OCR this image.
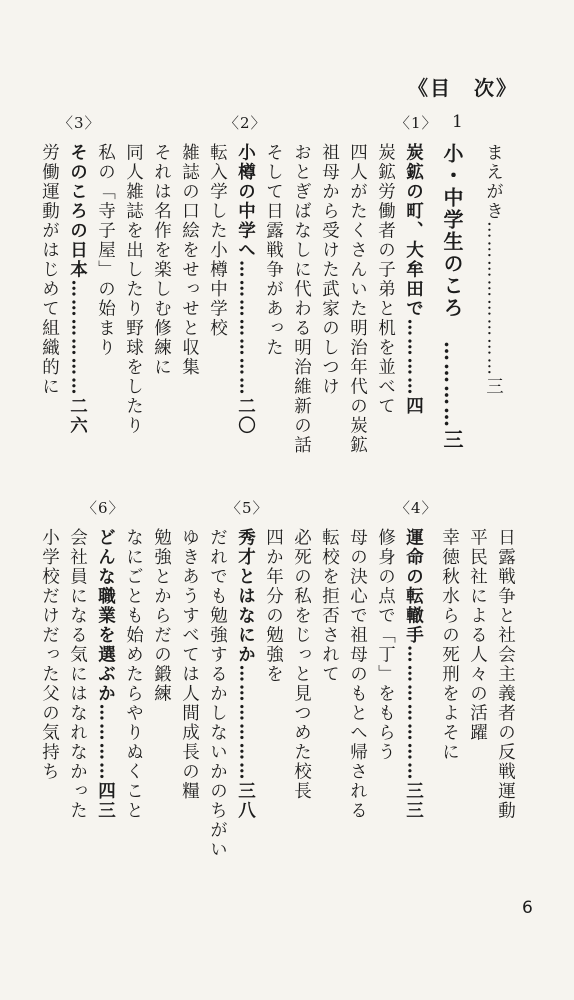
《目　次》
〈1〉 1
〈2〉
〈3〉
〈4〉
〈5〉
〈6〉
まえがき……………………三
小・中学生のころ　…………三
炭鉱の町、大牟田で…………四
炭鉱労働者の子弟と机を並べて
四人がたくさんいた明治年代の炭鉱
祖母から受けた武家のしつけ
おとぎばなしに代わる明治維新の話
そして日露戦争があった
小樽の中学へ…………………二〇
転入学した小樽中学校
雑誌の口絵をせっせと収集
それは名作を楽しむ修練に
同人雑誌を出したり野球をしたり
私の「寺子屋」の始まり
そのころの日本………………二六
労働運動がはじめて組織的に
日露戦争と社会主義者の反戦運動
平民社による人々の活躍
幸徳秋水らの死刑をよそに
運命の転轍手…………………三三
修身の点で「丁」をもらう
母の決心で祖母のもとへ帰される
転校を拒否されて
必死の私をじっと見つめた校長
四か年分の勉強を
秀才とはなにか………………三八
だれでも勉強するかしないかのちがい
ゆきあうすべては人間成長の糧
勉強とからだの鍛練
なにごとも始めたらやりぬくこと
どんな職業を選ぶか…………四三
会社員になる気にはなれなかった
小学校だけだった父の気持ち
6
